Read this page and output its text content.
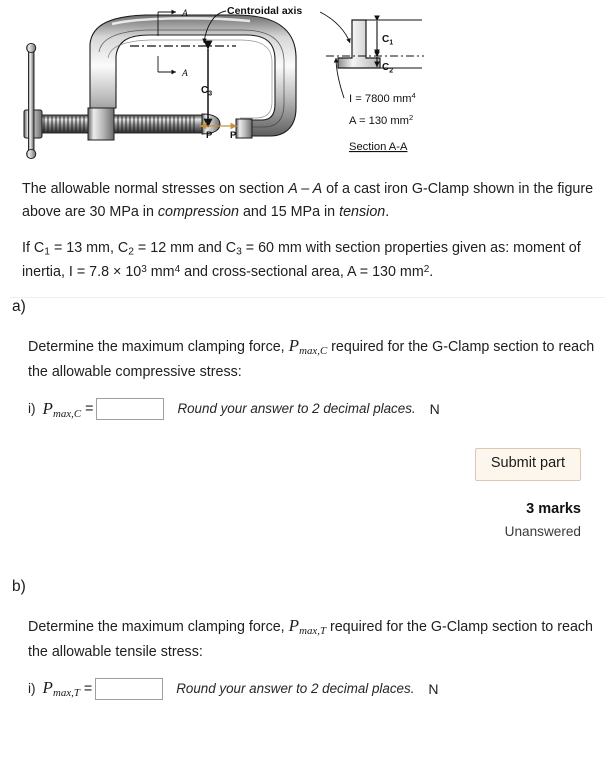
A
A
$C_3$
P P
Centroidal axis
$C_1$
$C_2$
I = 7800 $mm^4$
A = 130 $mm^2$
Section A-A

The allowable normal stresses on section A – A of a cast iron G-Clamp shown in the figure above are 30 MPa in compression and 15 MPa in tension.

If $C_1 = 13$ mm, $C_2 = 12$ mm and $C_3 = 60$ mm with section properties given as: moment of inertia, $I = 7.8 \times 10^3$ $mm^4$ and cross-sectional area, A = 130 $mm^2$.

a)

Determine the maximum clamping force, Pmax,C required for the G-Clamp section to reach the allowable compressive stress:

i) Pmax,C =	Round your answer to 2 decimal places. N
Submit part
3 marks
Unanswered
b)

Determine the maximum clamping force, Pmax,T required for the G-Clamp section to reach the allowable tensile stress:

i) Pmax,T =	Round your answer to 2 decimal places. N
